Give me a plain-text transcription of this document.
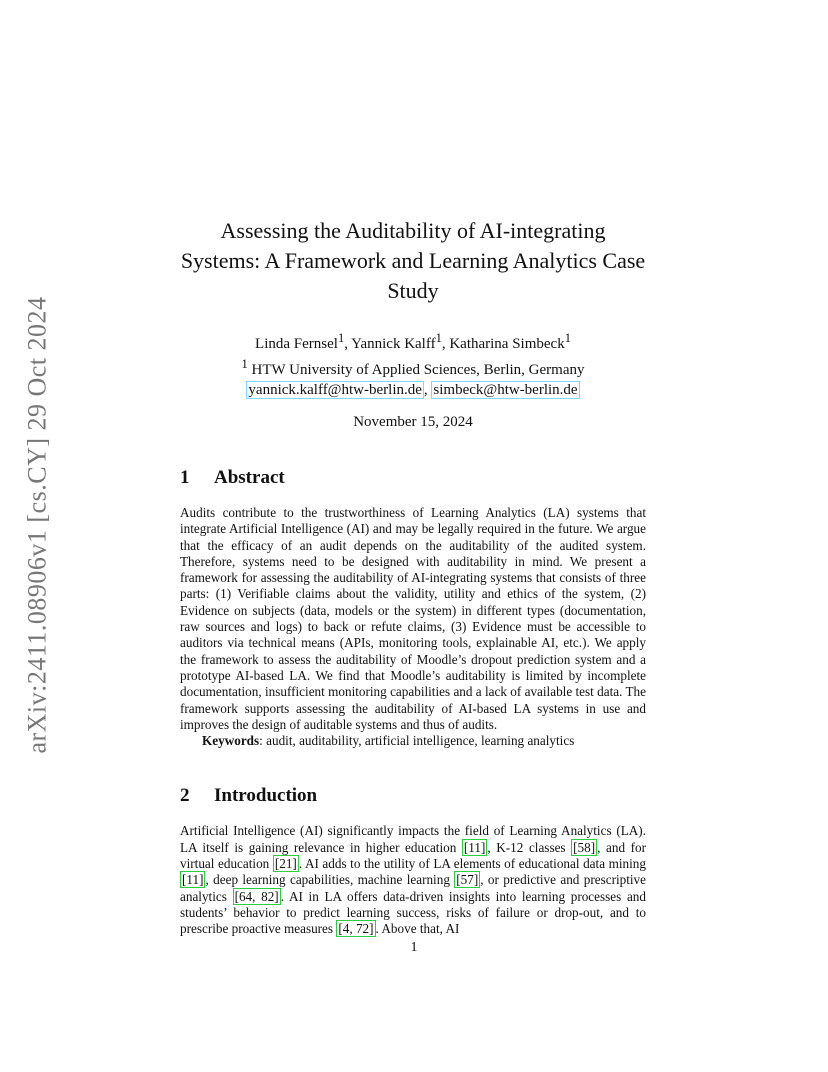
arXiv:2411.08906v1 [cs.CY] 29 Oct 2024
Assessing the Auditability of AI-integrating Systems: A Framework and Learning Analytics Case Study
Linda Fernsel$^1$, Yannick Kalff$^1$, Katharina Simbeck$^1$
$^1$ HTW University of Applied Sciences, Berlin, Germany
yannick.kalff@htw-berlin.de , simbeck@htw-berlin.de
November 15, 2024
1 Abstract

Audits contribute to the trustworthiness of Learning Analytics (LA) systems that integrate Artificial Intelligence (AI) and may be legally required in the future. We argue that the efficacy of an audit depends on the auditability of the audited system. Therefore, systems need to be designed with auditability in mind. We present a framework for assessing the auditability of AI-integrating systems that consists of three parts: (1) Verifiable claims about the validity, utility and ethics of the system, (2) Evidence on subjects (data, models or the system) in different types (documentation, raw sources and logs) to back or refute claims, (3) Evidence must be accessible to auditors via technical means (APIs, monitoring tools, explainable AI, etc.). We apply the framework to assess the auditability of Moodle’s dropout prediction system and a prototype AI-based LA. We find that Moodle’s auditability is limited by incomplete documentation, insufficient monitoring capabilities and a lack of available test data. The framework supports assessing the auditability of AI-based LA systems in use and improves the design of auditable systems and thus of audits.

Keywords: audit, auditability, artificial intelligence, learning analytics

2 Introduction

Artificial Intelligence (AI) significantly impacts the field of Learning Analytics (LA). LA itself is gaining relevance in higher education [11] , K-12 classes [58] , and for virtual education [21] . AI adds to the utility of LA elements of educational data mining [11] , deep learning capabilities, machine learning [57] , or predictive and prescriptive analytics [64, 82] . AI in LA offers data-driven insights into learning processes and students’ behavior to predict learning success, risks of failure or drop-out, and to prescribe proactive measures [4, 72] . Above that, AI

1
